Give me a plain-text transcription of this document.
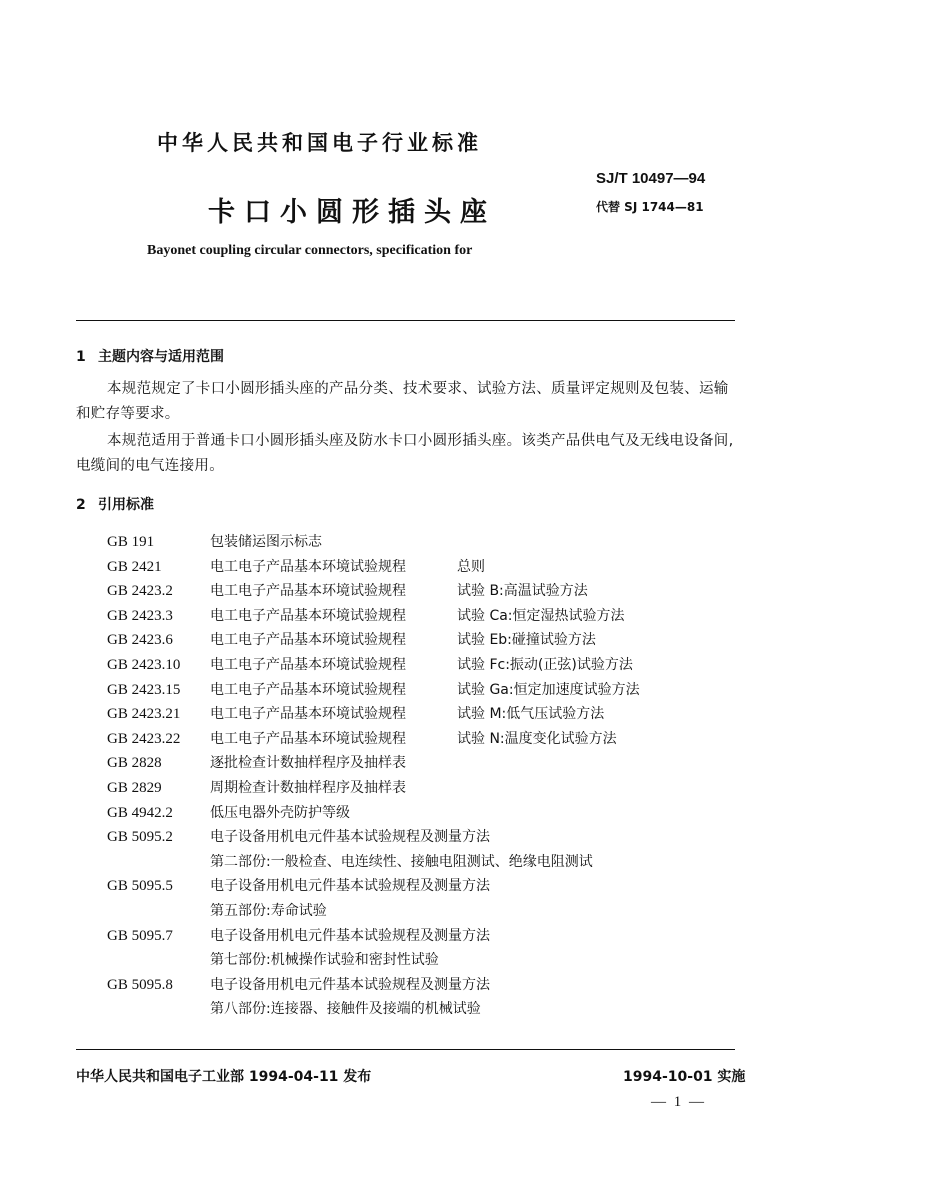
中华人民共和国电子行业标准
SJ/T 10497—94
代替 SJ 1744—81
卡口小圆形插头座
Bayonet coupling circular connectors, specification for
1 主题内容与适用范围
本规范规定了卡口小圆形插头座的产品分类、技术要求、试验方法、质量评定规则及包装、运输和贮存等要求。
本规范适用于普通卡口小圆形插头座及防水卡口小圆形插头座。该类产品供电气及无线电设备间,电缆间的电气连接用。
2 引用标准
GB 191	包装储运图示标志
GB 2421	电工电子产品基本环境试验规程	总则
GB 2423.2	电工电子产品基本环境试验规程	试验 B:高温试验方法
GB 2423.3	电工电子产品基本环境试验规程	试验 Ca:恒定湿热试验方法
GB 2423.6	电工电子产品基本环境试验规程	试验 Eb:碰撞试验方法
GB 2423.10	电工电子产品基本环境试验规程	试验 Fc:振动(正弦)试验方法
GB 2423.15	电工电子产品基本环境试验规程	试验 Ga:恒定加速度试验方法
GB 2423.21	电工电子产品基本环境试验规程	试验 M:低气压试验方法
GB 2423.22	电工电子产品基本环境试验规程	试验 N:温度变化试验方法
GB 2828	逐批检查计数抽样程序及抽样表
GB 2829	周期检查计数抽样程序及抽样表
GB 4942.2	低压电器外壳防护等级
GB 5095.2	电子设备用机电元件基本试验规程及测量方法
第二部份:一般检查、电连续性、接触电阻测试、绝缘电阻测试
GB 5095.5	电子设备用机电元件基本试验规程及测量方法
第五部份:寿命试验
GB 5095.7	电子设备用机电元件基本试验规程及测量方法
第七部份:机械操作试验和密封性试验
GB 5095.8	电子设备用机电元件基本试验规程及测量方法
第八部份:连接器、接触件及接端的机械试验
中华人民共和国电子工业部 1994-04-11 发布	1994-10-01 实施
— 1 —
